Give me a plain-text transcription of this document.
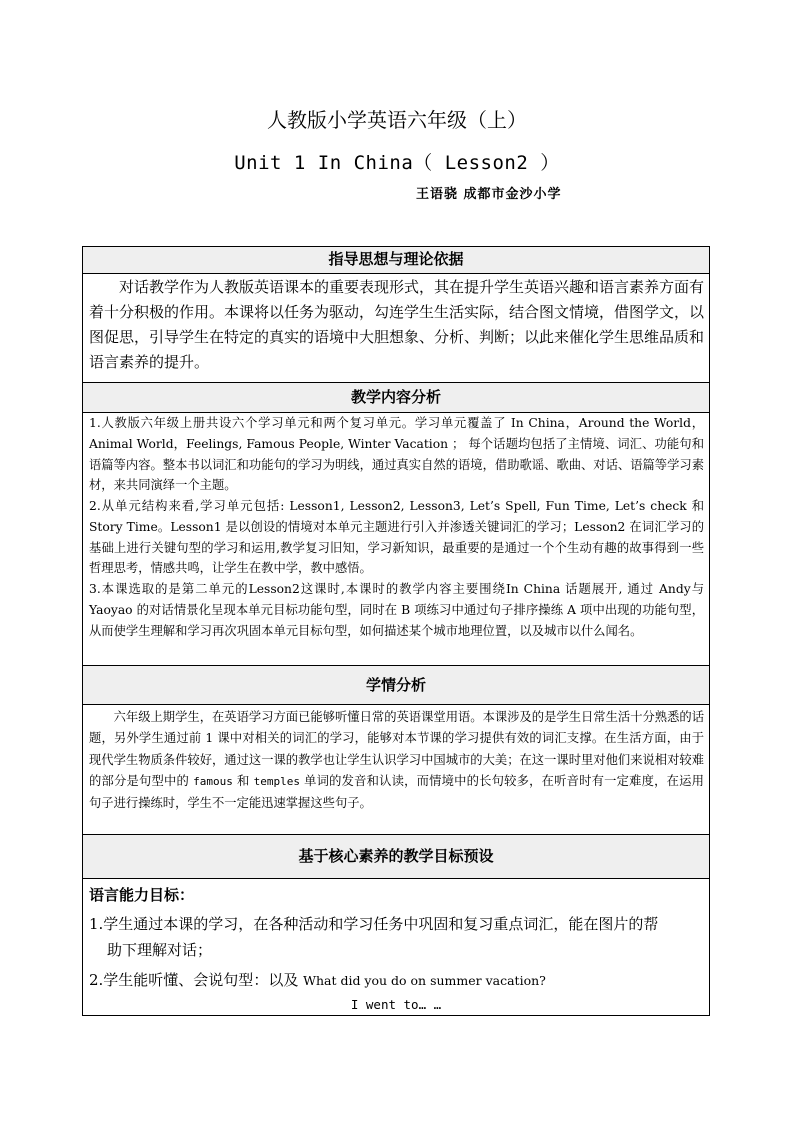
人教版小学英语六年级（上）
Unit 1 In China（ Lesson2 ）
王语骁 成都市金沙小学
指导思想与理论依据

对话教学作为人教版英语课本的重要表现形式，其在提升学生英语兴趣和语言素养方面有着十分积极的作用。本课将以任务为驱动，勾连学生生活实际，结合图文情境，借图学文，以图促思，引导学生在特定的真实的语境中大胆想象、分析、判断；以此来催化学生思维品质和语言素养的提升。

教学内容分析

1.人教版六年级上册共设六个学习单元和两个复习单元。学习单元覆盖了 In China，Around the World，Animal World，Feelings, Famous People, Winter Vacation ； 每个话题均包括了主情境、词汇、功能句和语篇等内容。整本书以词汇和功能句的学习为明线，通过真实自然的语境，借助歌谣、歌曲、对话、语篇等学习素材，来共同演绎一个主题。

2.从单元结构来看,学习单元包括: Lesson1, Lesson2, Lesson3, Let’s Spell, Fun Time, Let’s check 和 Story Time。Lesson1 是以创设的情境对本单元主题进行引入并渗透关键词汇的学习；Lesson2 在词汇学习的基础上进行关键句型的学习和运用,教学复习旧知，学习新知识，最重要的是通过一个个生动有趣的故事得到一些哲理思考，情感共鸣，让学生在教中学，教中感悟。

3.本课选取的是第二单元的Lesson2这课时,本课时的教学内容主要围绕In China 话题展开, 通过 Andy与 Yaoyao 的对话情景化呈现本单元目标功能句型，同时在 B 项练习中通过句子排序操练 A 项中出现的功能句型，从而使学生理解和学习再次巩固本单元目标句型，如何描述某个城市地理位置，以及城市以什么闻名。

学情分析

六年级上期学生，在英语学习方面已能够听懂日常的英语课堂用语。本课涉及的是学生日常生活十分熟悉的话题，另外学生通过前 1 课中对相关的词汇的学习，能够对本节课的学习提供有效的词汇支撑。在生活方面，由于现代学生物质条件较好，通过这一课的教学也让学生认识学习中国城市的大美；在这一课时里对他们来说相对较难的部分是句型中的 famous 和 temples 单词的发音和认读，而情境中的长句较多，在听音时有一定难度，在运用句子进行操练时，学生不一定能迅速掌握这些句子。

基于核心素养的教学目标预设
语言能力目标：
1.学生通过本课的学习，在各种活动和学习任务中巩固和复习重点词汇，能在图片的帮
助下理解对话；
2.学生能听懂、会说句型：以及 What did you do on summer vacation?
I went to… …
